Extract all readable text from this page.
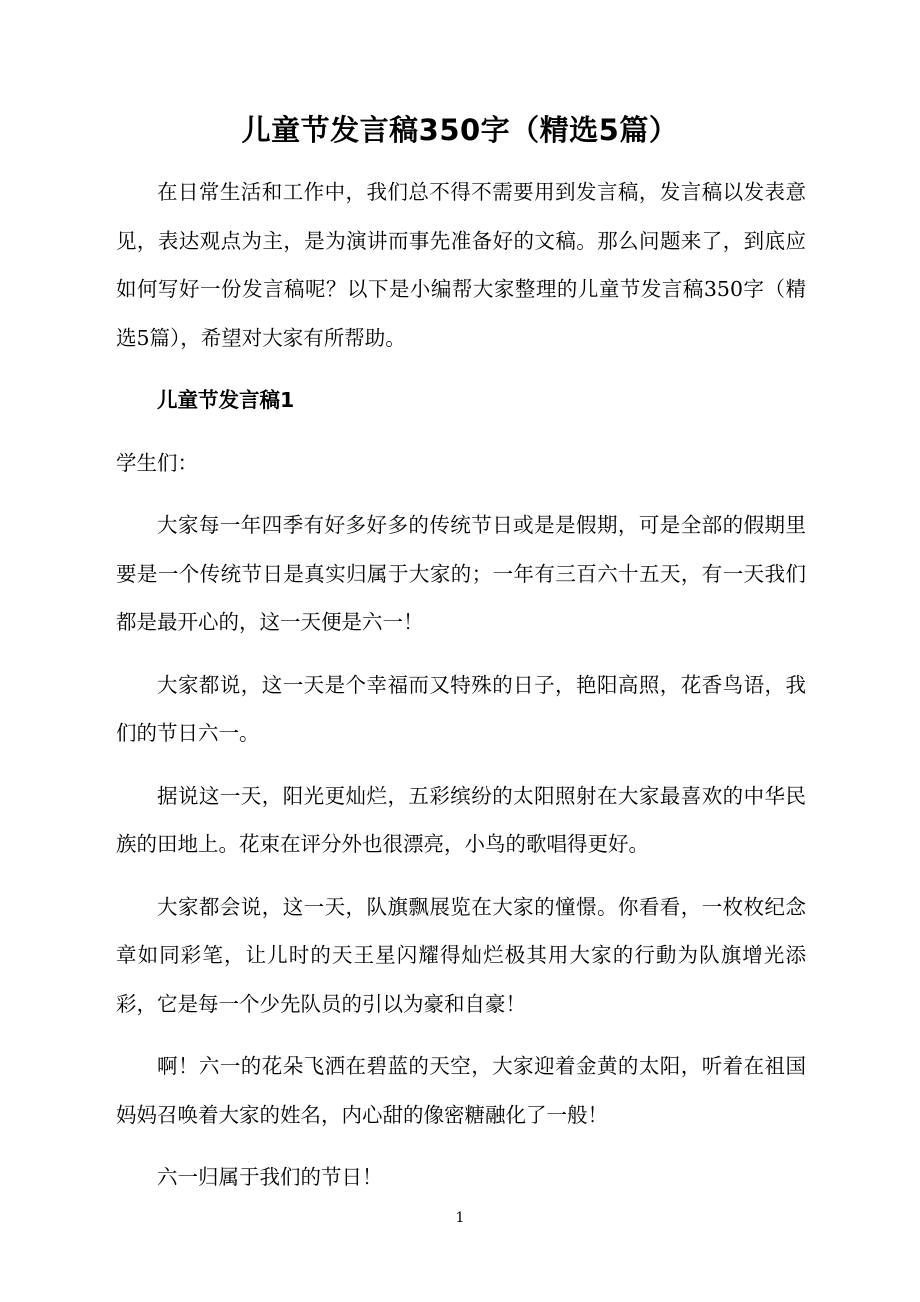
儿童节发言稿350字（精选5篇）

在日常生活和工作中，我们总不得不需要用到发言稿，发言稿以发表意见，表达观点为主，是为演讲而事先准备好的文稿。那么问题来了，到底应如何写好一份发言稿呢？以下是小编帮大家整理的儿童节发言稿350字（精选5篇），希望对大家有所帮助。

儿童节发言稿1

学生们：

大家每一年四季有好多好多的传统节日或是是假期，可是全部的假期里要是一个传统节日是真实归属于大家的；一年有三百六十五天，有一天我们都是最开心的，这一天便是六一！

大家都说，这一天是个幸福而又特殊的日子，艳阳高照，花香鸟语，我们的节日六一。

据说这一天，阳光更灿烂，五彩缤纷的太阳照射在大家最喜欢的中华民族的田地上。花束在评分外也很漂亮，小鸟的歌唱得更好。

大家都会说，这一天，队旗飘展览在大家的憧憬。你看看，一枚枚纪念章如同彩笔，让儿时的天王星闪耀得灿烂极其用大家的行動为队旗增光添彩，它是每一个少先队员的引以为豪和自豪！

啊！六一的花朵飞洒在碧蓝的天空，大家迎着金黄的太阳，听着在祖国妈妈召唤着大家的姓名，内心甜的像密糖融化了一般！

六一归属于我们的节日！

1
